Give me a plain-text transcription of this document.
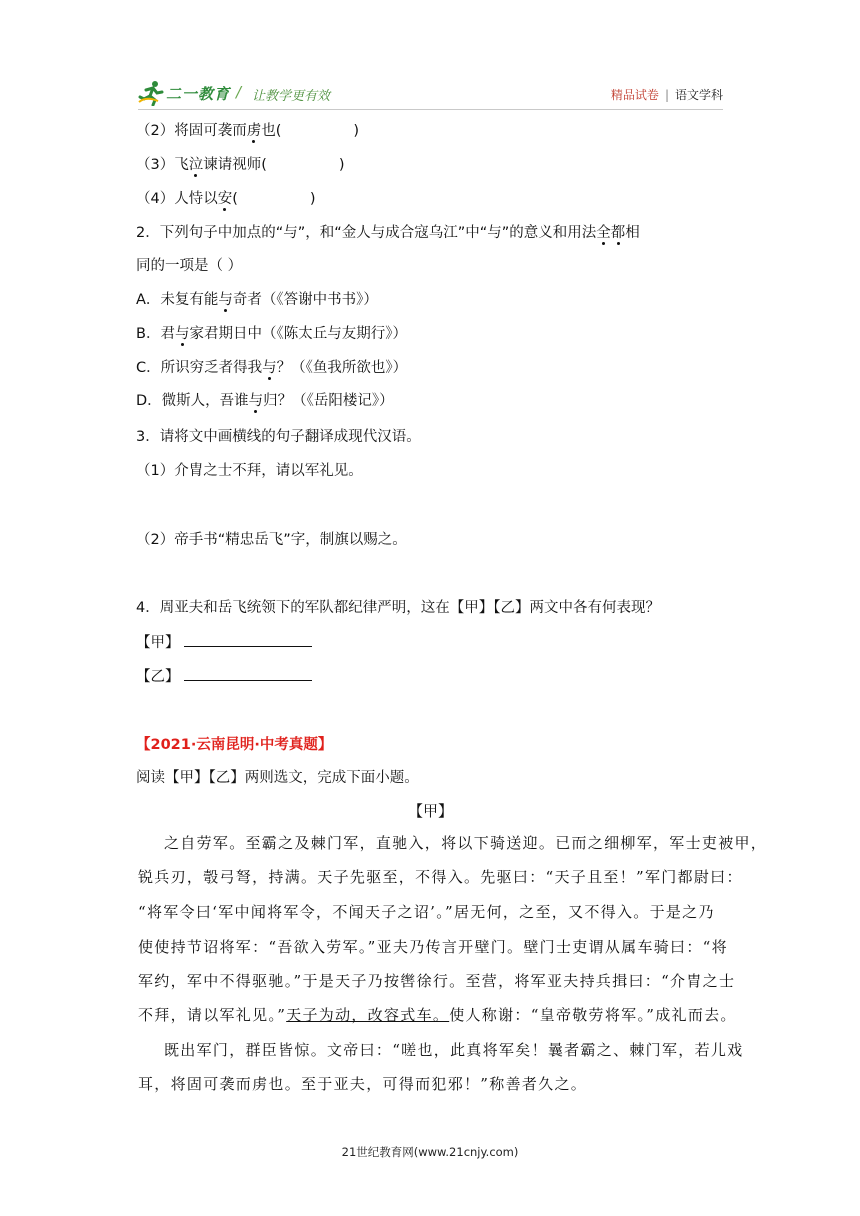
二一教育 / 让教学更有效	精品试卷 | 语文学科
（2）将固可袭而虏也(	)
（3）飞泣谏请视师(	)
（4）人恃以安(	)
2．下列句子中加点的“与”，和“金人与成合寇乌江”中“与”的意义和用法全都相
同的一项是（ ）
A．未复有能与奇者（《答谢中书书》）
B．君与家君期日中（《陈太丘与友期行》）
C．所识穷乏者得我与？（《鱼我所欲也》）
D．微斯人，吾谁与归？（《岳阳楼记》）
3．请将文中画横线的句子翻译成现代汉语。
（1）介胄之士不拜，请以军礼见。
（2）帝手书“精忠岳飞”字，制旗以赐之。
4．周亚夫和岳飞统领下的军队都纪律严明，这在【甲】【乙】两文中各有何表现？
【甲】
【乙】
【2021·云南昆明·中考真题】
阅读【甲】【乙】两则选文，完成下面小题。
【甲】
之自劳军。至霸之及棘门军，直驰入，将以下骑送迎。已而之细柳军，军士吏被甲，
锐兵刃，彀弓弩，持满。天子先驱至，不得入。先驱曰：“天子且至！”军门都尉曰：
“将军令曰‘军中闻将军令，不闻天子之诏’。”居无何，之至，又不得入。于是之乃
使使持节诏将军：“吾欲入劳军。”亚夫乃传言开壁门。壁门士吏谓从属车骑曰：“将
军约，军中不得驱驰。”于是天子乃按辔徐行。至营，将军亚夫持兵揖曰：“介胄之士
不拜，请以军礼见。”天子为动，改容式车。使人称谢：“皇帝敬劳将军。”成礼而去。
既出军门，群臣皆惊。文帝曰：“嗟也，此真将军矣！曩者霸之、棘门军，若儿戏
耳，将固可袭而虏也。至于亚夫，可得而犯邪！”称善者久之。
21世纪教育网(www.21cnjy.com)
